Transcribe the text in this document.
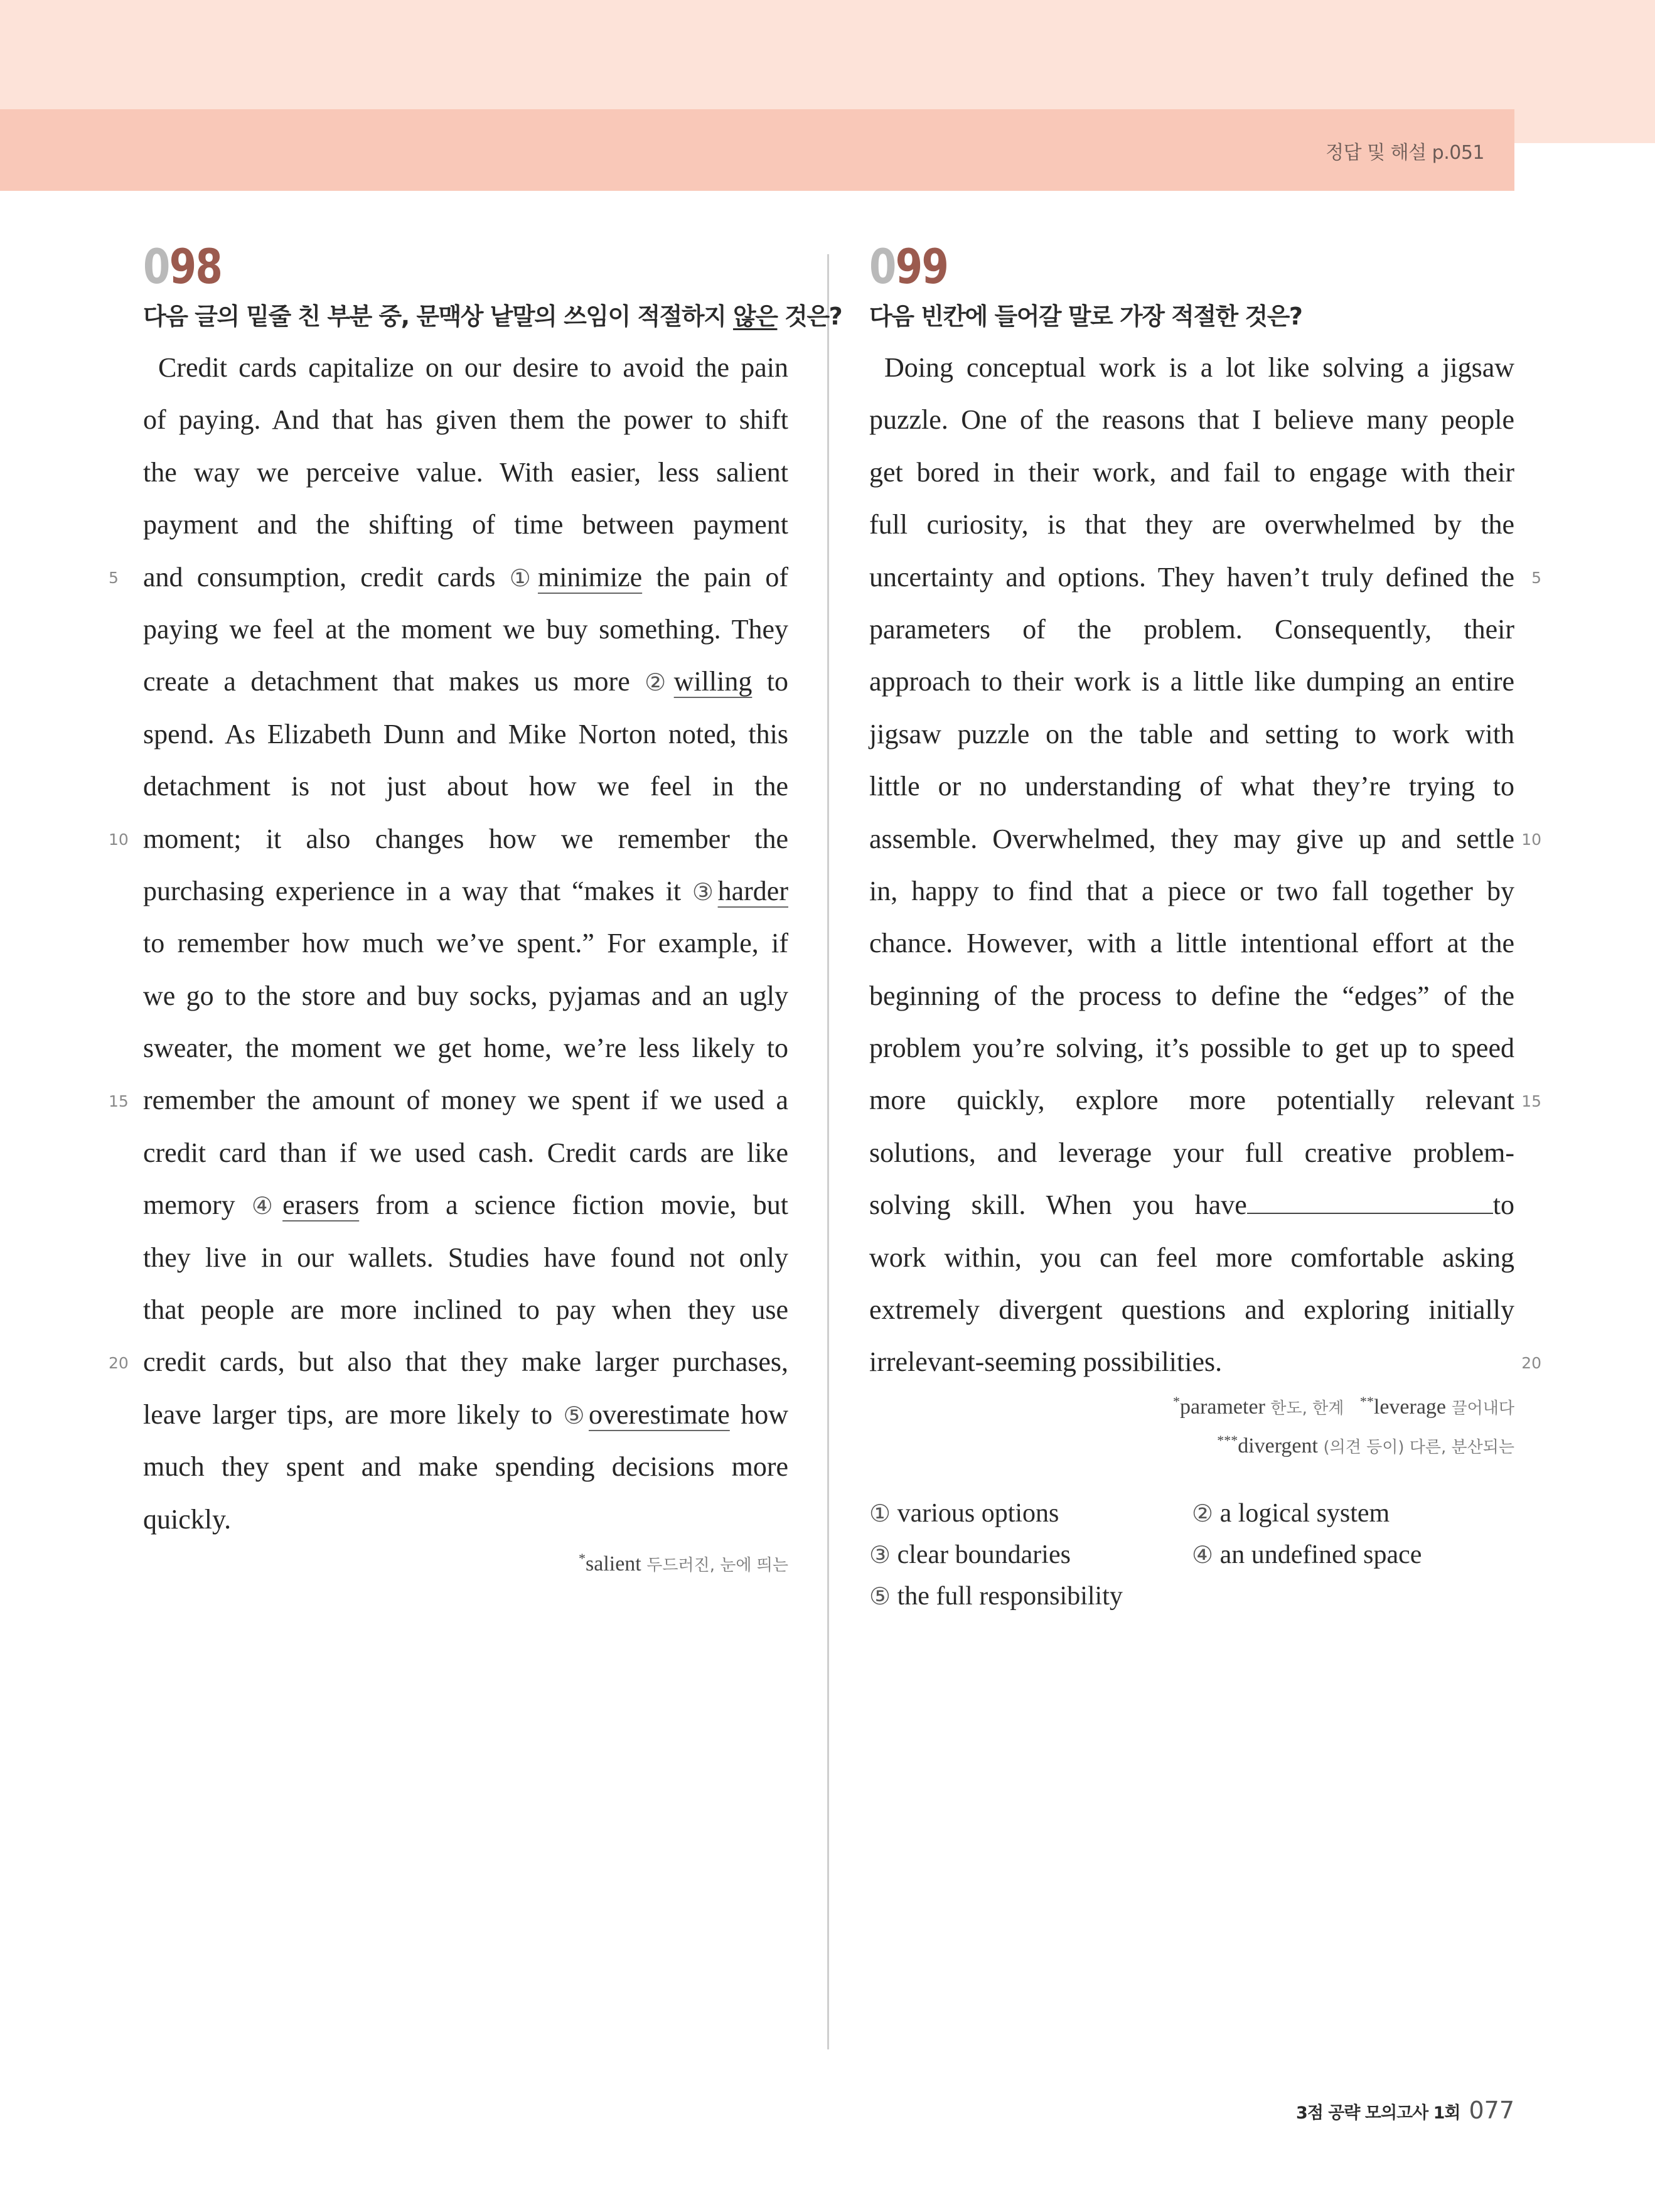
정답 및 해설 p.051
098
다음 글의 밑줄 친 부분 중, 문맥상 낱말의 쓰임이 적절하지 않은 것은?
Credit cards capitalize on our desire to avoid the pain
of paying. And that has given them the power to shift
the way we perceive value. With easier, less salient
payment and the shifting of time between payment
and consumption, credit cards ①minimize the pain of
paying we feel at the moment we buy something. They
create a detachment that makes us more ②willing to
spend. As Elizabeth Dunn and Mike Norton noted, this
detachment is not just about how we feel in the
moment; it also changes how we remember the
purchasing experience in a way that “makes it ③harder
to remember how much we’ve spent.” For example, if
we go to the store and buy socks, pyjamas and an ugly
sweater, the moment we get home, we’re less likely to
remember the amount of money we spent if we used a
credit card than if we used cash. Credit cards are like
memory ④erasers from a science fiction movie, but
they live in our wallets. Studies have found not only
that people are more inclined to pay when they use
credit cards, but also that they make larger purchases,
leave larger tips, are more likely to ⑤overestimate how
much they spent and make spending decisions more
quickly.
5
10
15
20
*salient 두드러진, 눈에 띄는
099
다음 빈칸에 들어갈 말로 가장 적절한 것은?
Doing conceptual work is a lot like solving a jigsaw
puzzle. One of the reasons that I believe many people
get bored in their work, and fail to engage with their
full curiosity, is that they are overwhelmed by the
uncertainty and options. They haven’t truly defined the
parameters of the problem. Consequently, their
approach to their work is a little like dumping an entire
jigsaw puzzle on the table and setting to work with
little or no understanding of what they’re trying to
assemble. Overwhelmed, they may give up and settle
in, happy to find that a piece or two fall together by
chance. However, with a little intentional effort at the
beginning of the process to define the “edges” of the
problem you’re solving, it’s possible to get up to speed
more quickly, explore more potentially relevant
solutions, and leverage your full creative problem-
solving skill. When you have	to
work within, you can feel more comfortable asking
extremely divergent questions and exploring initially
irrelevant-seeming possibilities.
5
10
15
20
*parameter 한도, 한계 **leverage 끌어내다
***divergent (의견 등이) 다른, 분산되는
① various options	② a logical system
③ clear boundaries	④ an undefined space
⑤ the full responsibility
3점 공략 모의고사 1회 077
